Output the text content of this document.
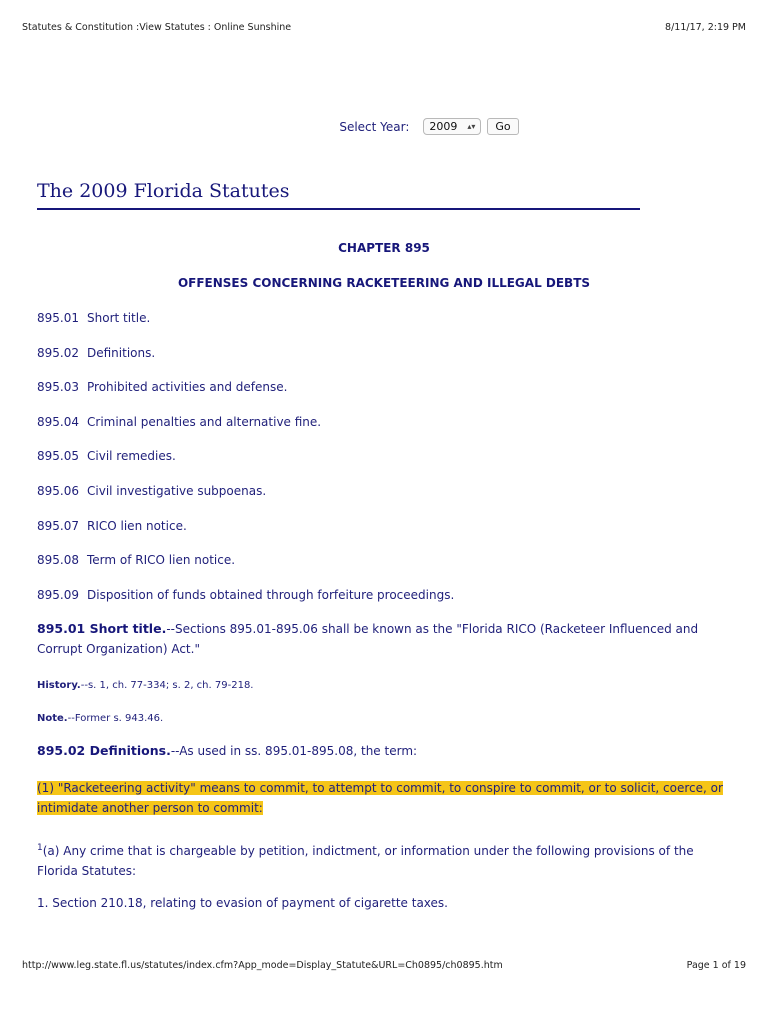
Statutes & Constitution :View Statutes : Online Sunshine	8/11/17, 2:19 PM
Select Year: 2009 ▴▾	Go
The 2009 Florida Statutes
CHAPTER 895
OFFENSES CONCERNING RACKETEERING AND ILLEGAL DEBTS
895.01 Short title.
895.02 Definitions.
895.03 Prohibited activities and defense.
895.04 Criminal penalties and alternative fine.
895.05 Civil remedies.
895.06 Civil investigative subpoenas.
895.07 RICO lien notice.
895.08 Term of RICO lien notice.
895.09 Disposition of funds obtained through forfeiture proceedings.
895.01 Short title.--Sections 895.01-895.06 shall be known as the "Florida RICO (Racketeer Influenced and Corrupt Organization) Act."
History.--s. 1, ch. 77-334; s. 2, ch. 79-218.
Note.--Former s. 943.46.
895.02 Definitions.--As used in ss. 895.01-895.08, the term:
(1) "Racketeering activity" means to commit, to attempt to commit, to conspire to commit, or to solicit, coerce, or
intimidate another person to commit:
$^1$(a) Any crime that is chargeable by petition, indictment, or information under the following provisions of the Florida Statutes:
1. Section 210.18, relating to evasion of payment of cigarette taxes.
http://www.leg.state.fl.us/statutes/index.cfm?App_mode=Display_Statute&URL=Ch0895/ch0895.htm	Page 1 of 19
